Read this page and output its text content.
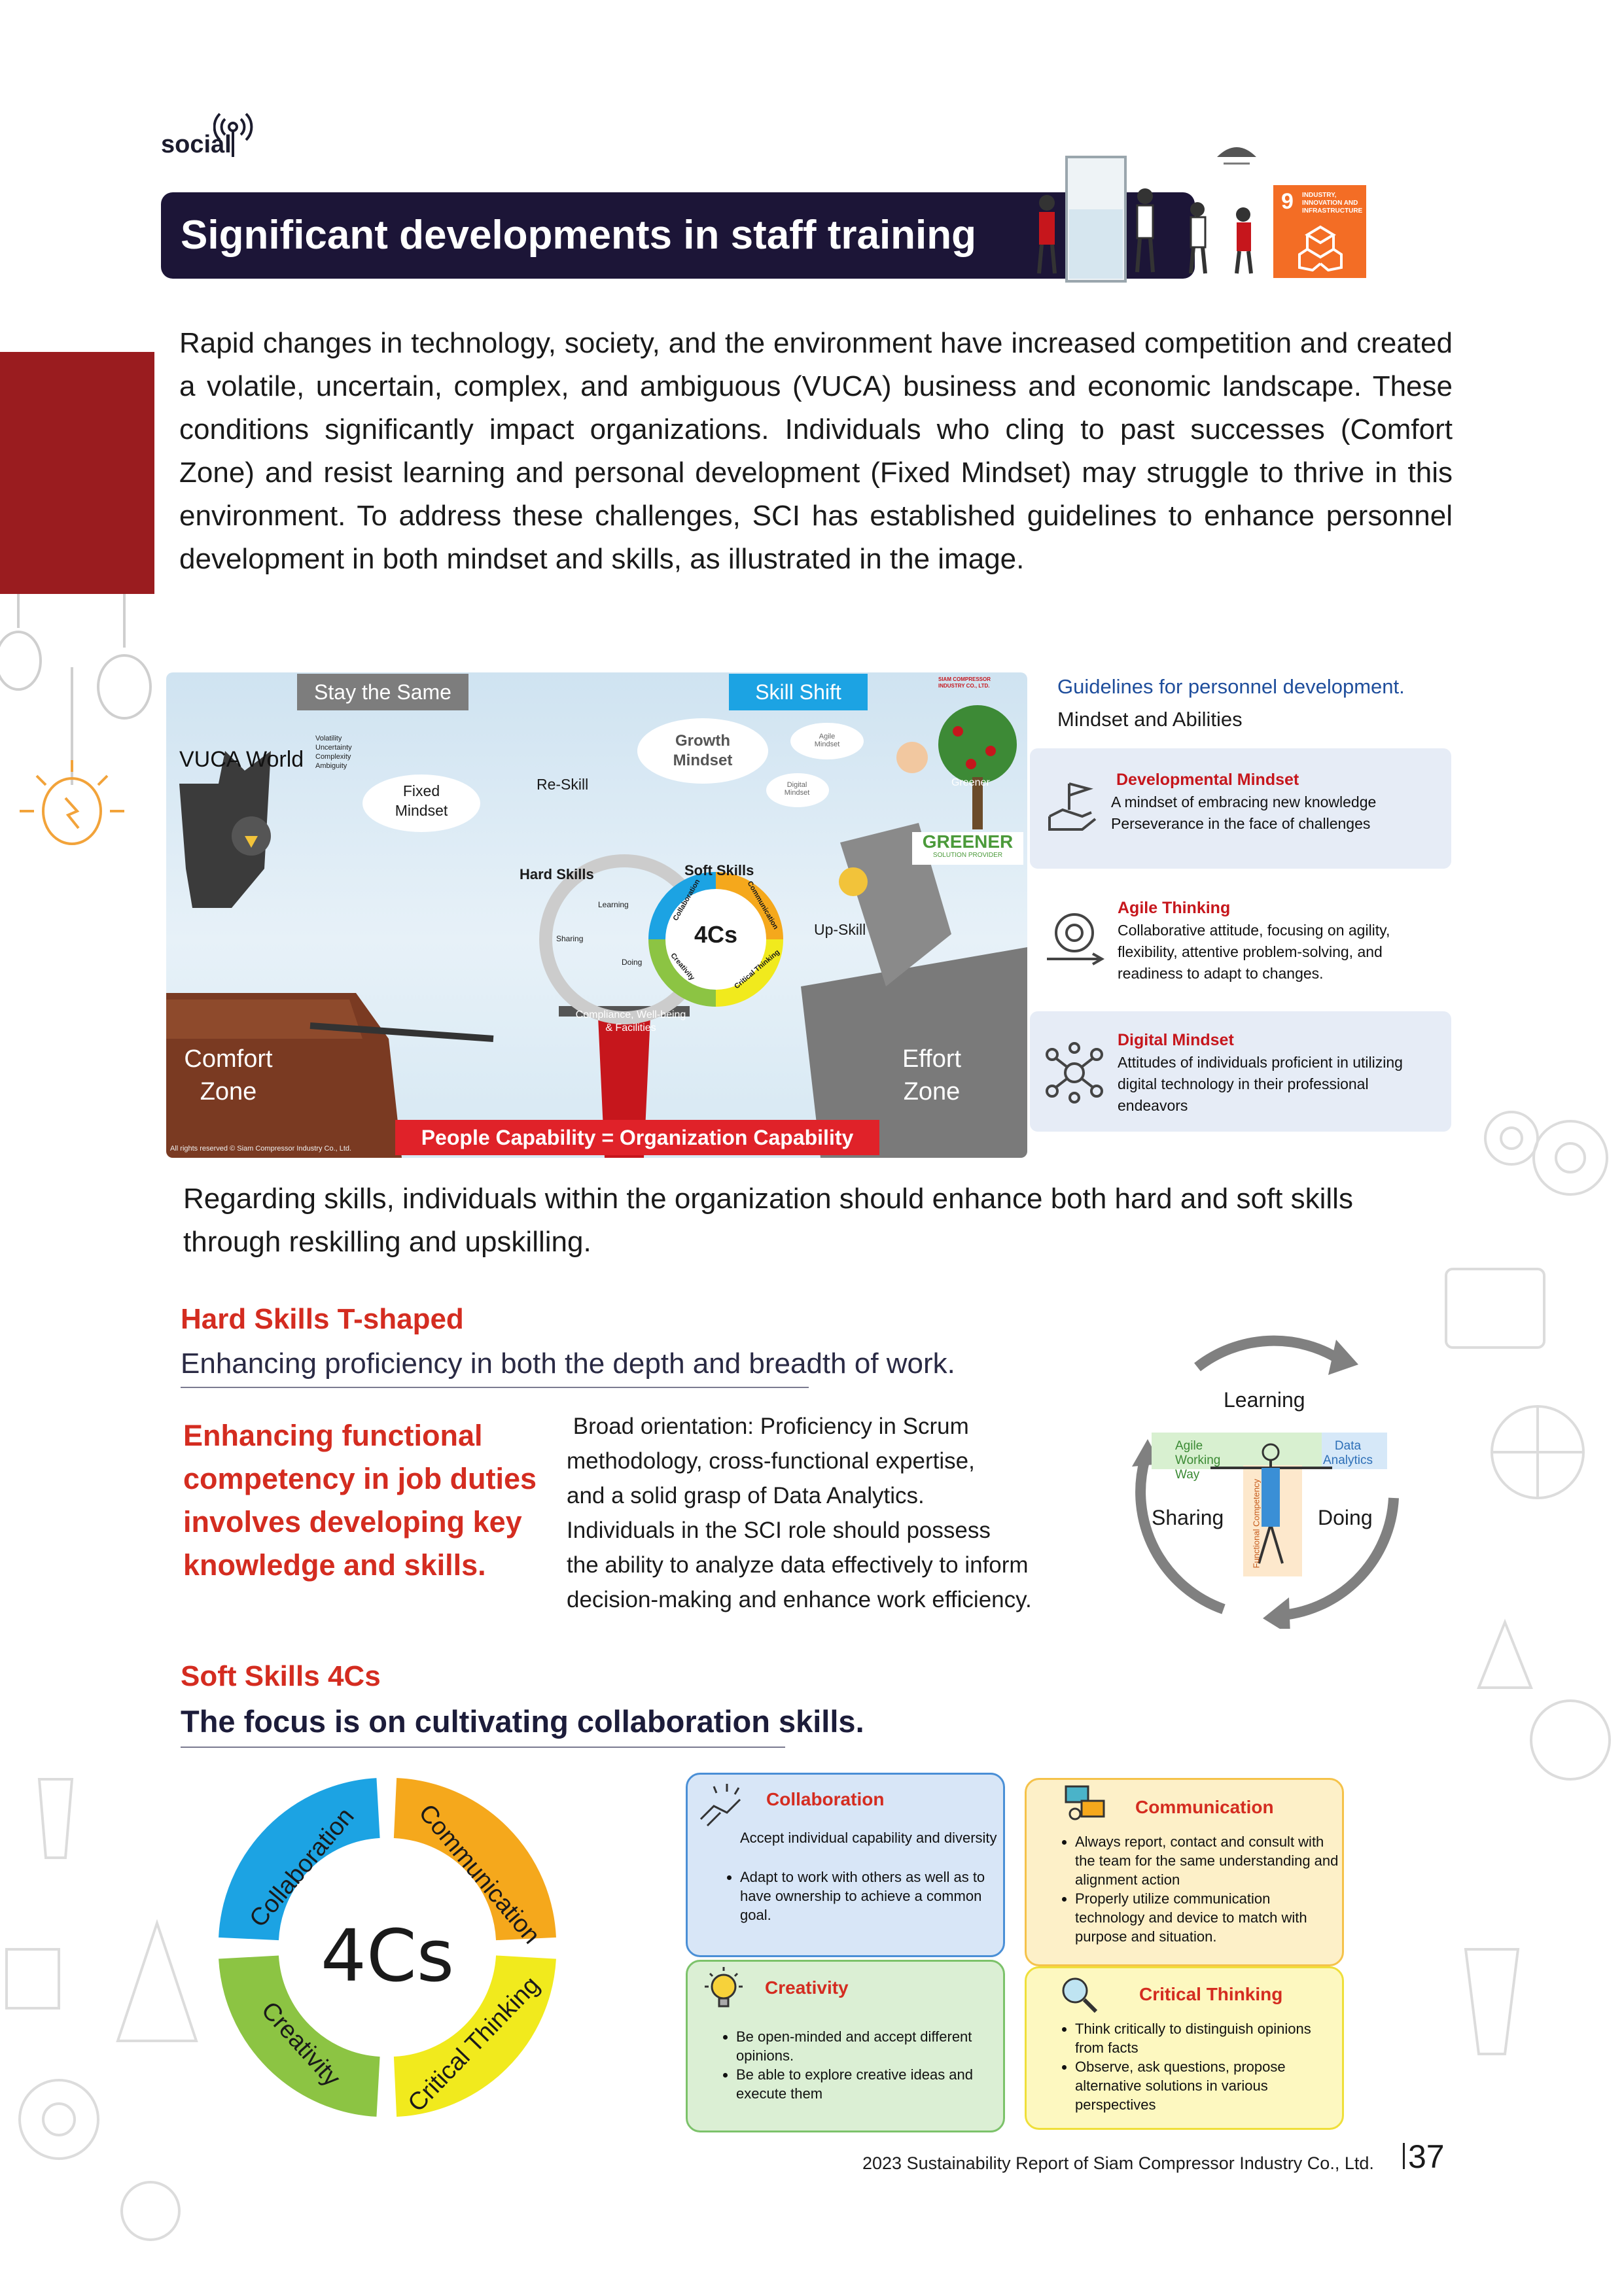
social
Significant developments in staff training
9 INDUSTRY, INNOVATION AND INFRASTRUCTURE
Rapid changes in technology, society, and the environment have increased competition and created a volatile, uncertain, complex, and ambiguous (VUCA) business and economic landscape. These conditions significantly impact organizations. Individuals who cling to past successes (Comfort Zone) and resist learning and personal development (Fixed Mindset) may struggle to thrive in this environment. To address these challenges, SCI has established guidelines to enhance personnel development in both mindset and skills, as illustrated in the image.
Stay the Same	Skill Shift
SIAM COMPRESSOR INDUSTRY CO., LTD.
VUCA World
Volatility
Uncertainty
Complexity
Ambiguity
Fixed Mindset
Growth Mindset
Agile Mindset
Digital Mindset
Re-Skill
Up-Skill
Hard Skills	Soft Skills
Learning
Sharing
Doing
4Cs
Collaboration	Communication
Critical Thinking
Creativity
Compliance, Well-being & Facilities
Comfort Zone
Effort Zone
People Capability = Organization Capability
Greener
GREENER
SOLUTION PROVIDER
All rights reserved © Siam Compressor Industry Co., Ltd.
Guidelines for personnel development.
Mindset and Abilities
Developmental Mindset
A mindset of embracing new knowledge
Perseverance in the face of challenges
Agile Thinking
Collaborative attitude, focusing on agility,
flexibility, attentive problem-solving, and
readiness to adapt to changes.
Digital Mindset
Attitudes of individuals proficient in utilizing
digital technology in their professional
endeavors
Regarding skills, individuals within the organization should enhance both hard and soft skills through reskilling and upskilling.
Hard Skills T-shaped
Enhancing proficiency in both the depth and breadth of work.
Enhancing functional
competency in job duties
involves developing key
knowledge and skills.
Broad orientation: Proficiency in Scrum
methodology, cross-functional expertise,
and a solid grasp of Data Analytics.
Individuals in the SCI role should possess
the ability to analyze data effectively to inform
decision-making and enhance work efficiency.
Learning
Sharing	Doing
Agile Working Way
Data Analytics
Functional Competency
Soft Skills 4Cs
The focus is on cultivating collaboration skills.
4Cs
Collaboration Communication
Critical Thinking
Creativity
Collaboration
Accept individual capability and diversity
• Adapt to work with others as well as to have ownership to achieve a common goal.
Communication
• Always report, contact and consult with the team for the same understanding and alignment action
• Properly utilize communication technology and device to match with purpose and situation.
Creativity
• Be open-minded and accept different opinions.
• Be able to explore creative ideas and execute them
Critical Thinking
• Think critically to distinguish opinions from facts
• Observe, ask questions, propose alternative solutions in various perspectives
2023 Sustainability Report of Siam Compressor Industry Co., Ltd. 37
